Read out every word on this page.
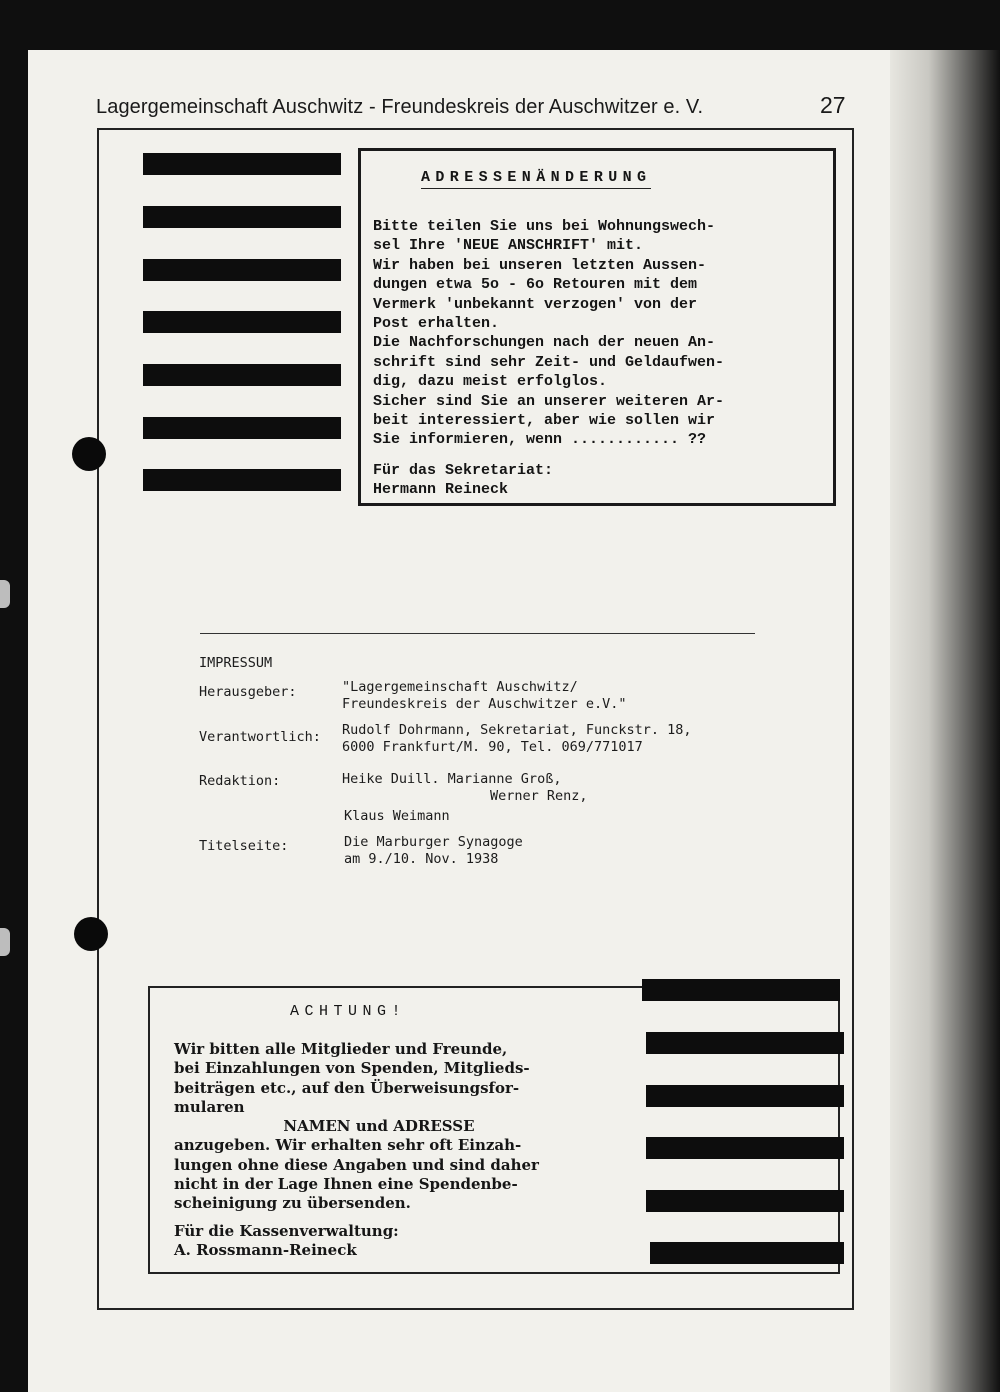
Lagergemeinschaft Auschwitz - Freundeskreis der Auschwitzer e. V.	27
ADRESSENÄNDERUNG
Bitte teilen Sie uns bei Wohnungswech-
sel Ihre 'NEUE ANSCHRIFT' mit.
Wir haben bei unseren letzten Aussen-
dungen etwa 5o - 6o Retouren mit dem
Vermerk 'unbekannt verzogen' von der
Post erhalten.
Die Nachforschungen nach der neuen An-
schrift sind sehr Zeit- und Geldaufwen-
dig, dazu meist erfolglos.
Sicher sind Sie an unserer weiteren Ar-
beit interessiert, aber wie sollen wir
Sie informieren, wenn ............ ??
Für das Sekretariat:
Hermann Reineck
IMPRESSUM
Herausgeber:	"Lagergemeinschaft Auschwitz/
Freundeskreis der Auschwitzer e.V."
Verantwortlich: Rudolf Dohrmann, Sekretariat, Funckstr. 18,
6000 Frankfurt/M. 90, Tel. 069/771017
Redaktion:	Heike Duill. Marianne Groß,
Werner Renz,
Klaus Weimann
Titelseite:	Die Marburger Synagoge
am 9./10. Nov. 1938
ACHTUNG!
Wir bitten alle Mitglieder und Freunde,
bei Einzahlungen von Spenden, Mitglieds-
beiträgen etc., auf den Überweisungsfor-
mularen
NAMEN und ADRESSE
anzugeben. Wir erhalten sehr oft Einzah-
lungen ohne diese Angaben und sind daher
nicht in der Lage Ihnen eine Spendenbe-
scheinigung zu übersenden.
Für die Kassenverwaltung:
A. Rossmann-Reineck
